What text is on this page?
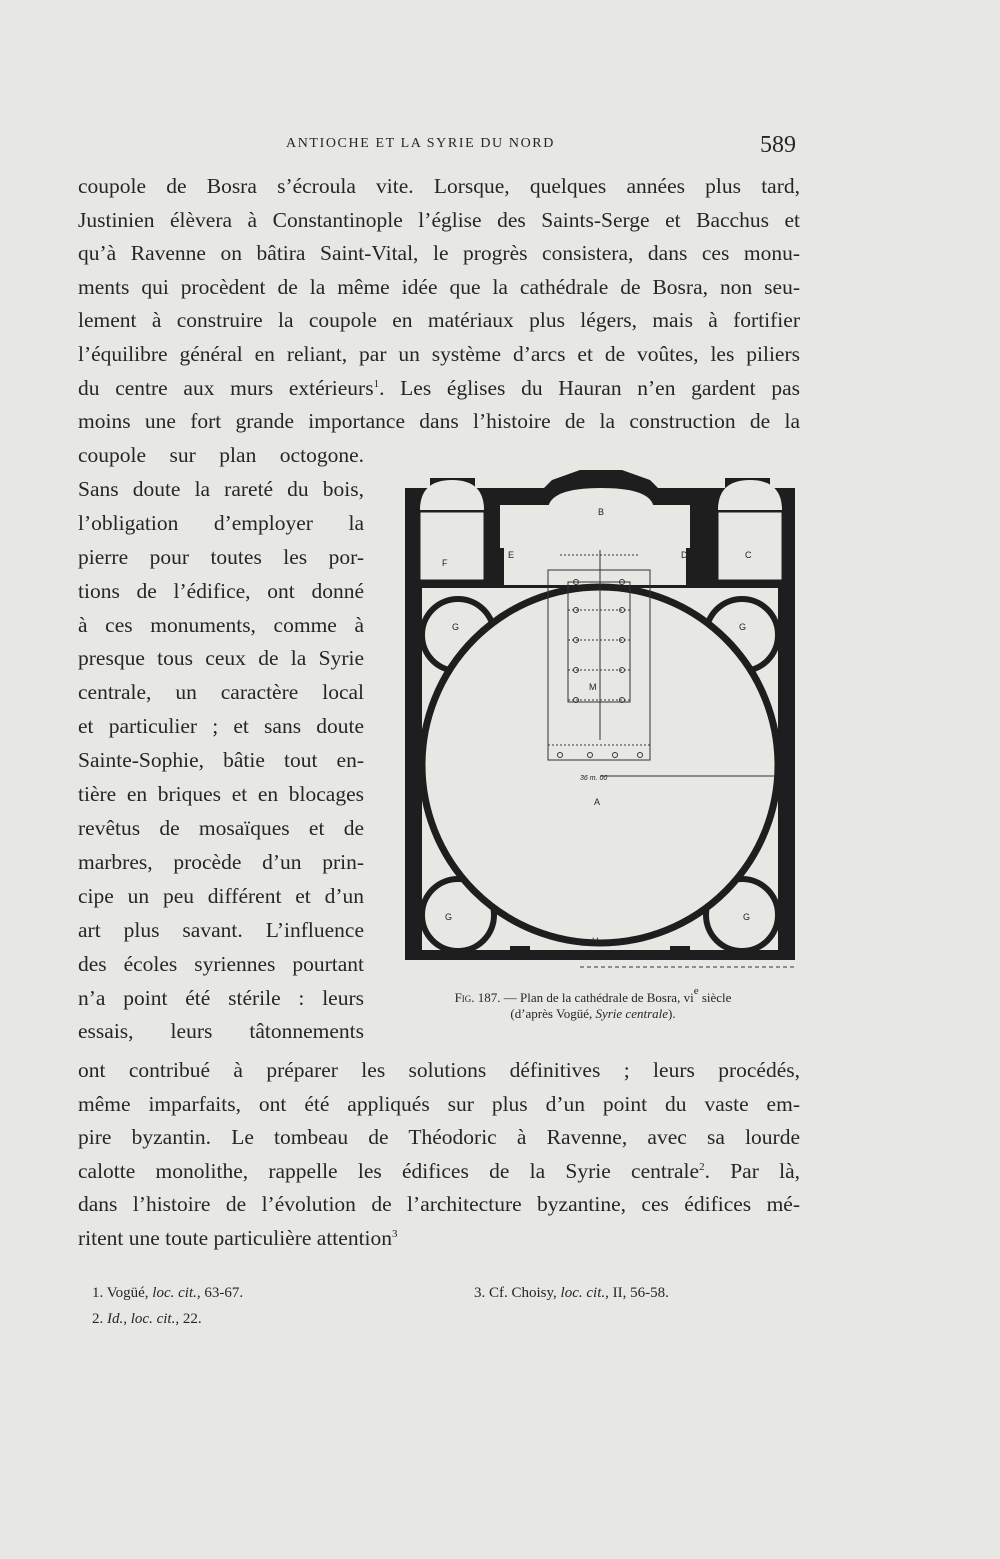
ANTIOCHE ET LA SYRIE DU NORD	589
coupole de Bosra s’écroula vite. Lorsque, quelques années plus tard,
Justinien élèvera à Constantinople l’église des Saints-Serge et Bacchus et
qu’à Ravenne on bâtira Saint-Vital, le progrès consistera, dans ces monu-
ments qui procèdent de la même idée que la cathédrale de Bosra, non seu-
lement à construire la coupole en matériaux plus légers, mais à fortifier
l’équilibre général en reliant, par un système d’arcs et de voûtes, les piliers
du centre aux murs extérieurs$^1$. Les églises du Hauran n’en gardent pas
moins une fort grande importance dans l’histoire de la construction de la
coupole sur plan octogone.
Sans doute la rareté du bois,
l’obligation d’employer la
pierre pour toutes les por-
tions de l’édifice, ont donné
à ces monuments, comme à
presque tous ceux de la Syrie
centrale, un caractère local
et particulier ; et sans doute
Sainte-Sophie, bâtie tout en-
tière en briques et en blocages
revêtus de mosaïques et de
marbres, procède d’un prin-
cipe un peu différent et d’un
art plus savant. L’influence
des écoles syriennes pourtant
n’a point été stérile : leurs
essais, leurs tâtonnements
B
F
E	D	C
G	G
M
A
G	G
H
36 m. 00
Fig. 187. — Plan de la cathédrale de Bosra, $vi^e$ siècle
(d’après Vogüé, Syrie centrale).
ont contribué à préparer les solutions définitives ; leurs procédés,
même imparfaits, ont été appliqués sur plus d’un point du vaste em-
pire byzantin. Le tombeau de Théodoric à Ravenne, avec sa lourde
calotte monolithe, rappelle les édifices de la Syrie centrale$^2$. Par là,
dans l’histoire de l’évolution de l’architecture byzantine, ces édifices mé-
ritent une toute particulière attention$^3$
1. Vogüé, loc. cit., 63-67.
2. Id., loc. cit., 22.
3. Cf. Choisy, loc. cit., II, 56-58.
